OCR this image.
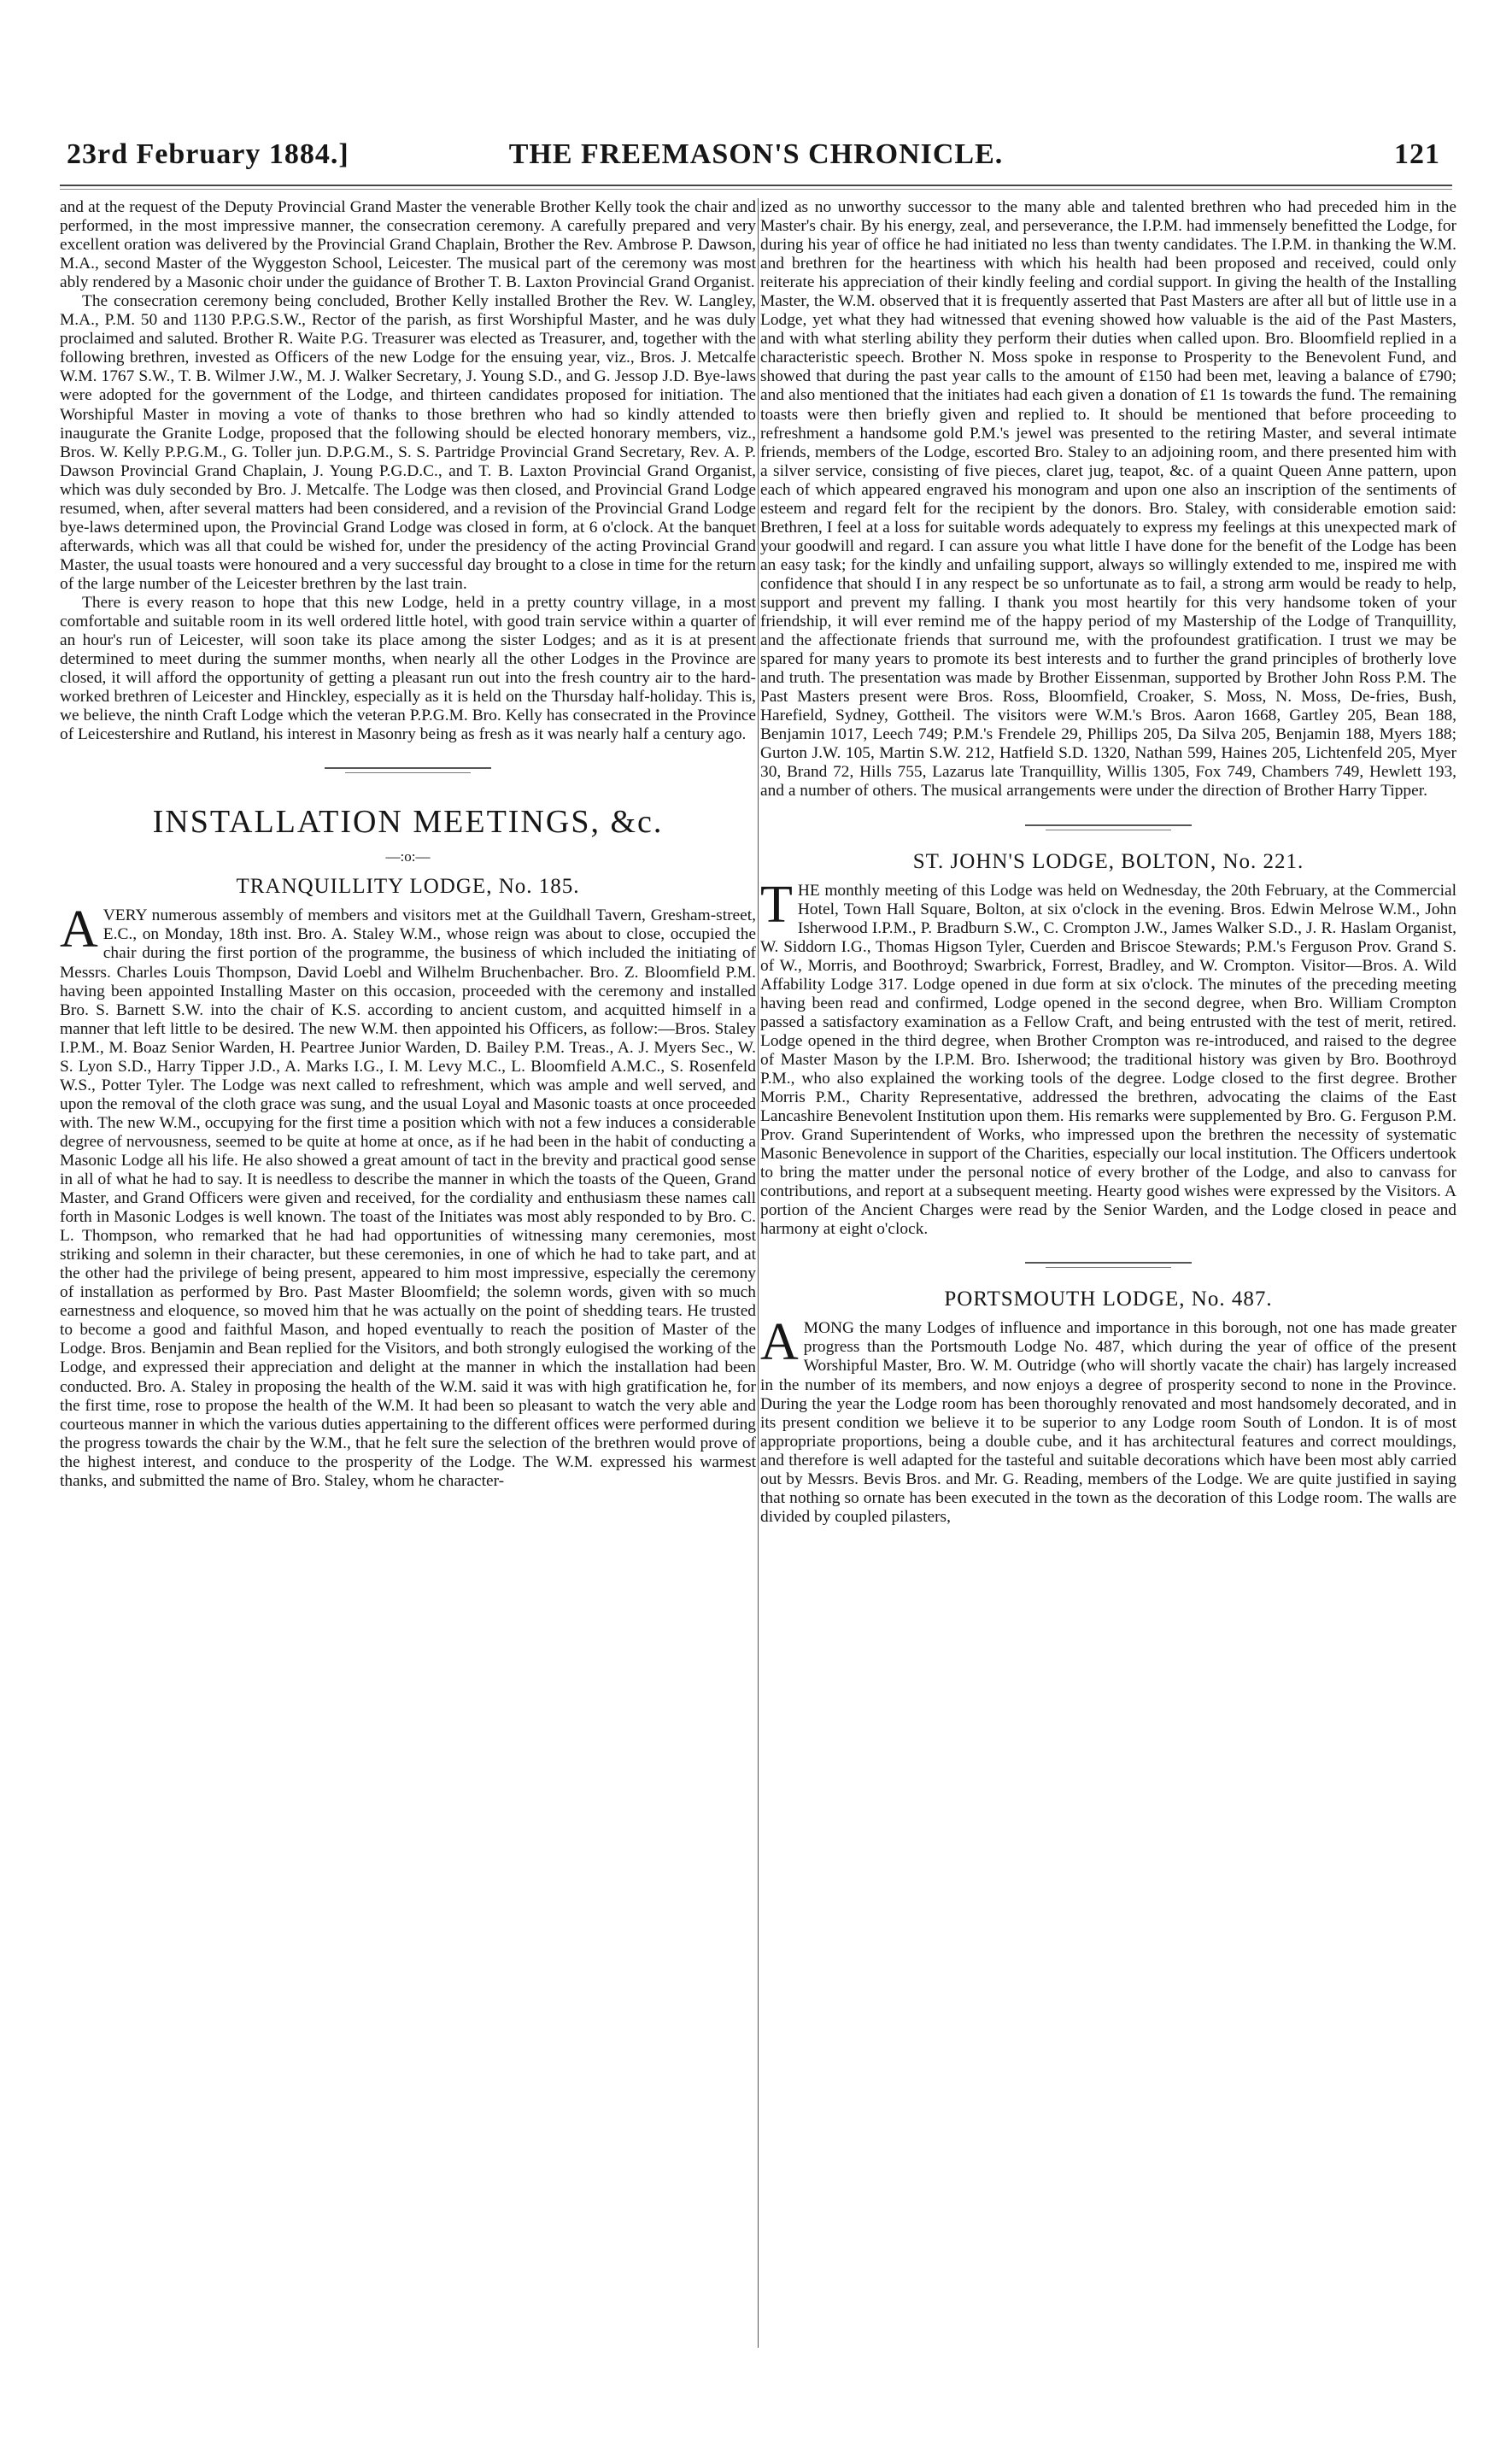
23rd February 1884.]	THE FREEMASON'S CHRONICLE.	121

and at the request of the Deputy Provincial Grand Master the venerable Brother Kelly took the chair and performed, in the most impressive manner, the consecration ceremony. A carefully prepared and very excellent oration was delivered by the Provincial Grand Chaplain, Brother the Rev. Ambrose P. Dawson, M.A., second Master of the Wyggeston School, Leicester. The musical part of the ceremony was most ably rendered by a Masonic choir under the guidance of Brother T. B. Laxton Provincial Grand Organist.

The consecration ceremony being concluded, Brother Kelly installed Brother the Rev. W. Langley, M.A., P.M. 50 and 1130 P.P.G.S.W., Rector of the parish, as first Worshipful Master, and he was duly proclaimed and saluted. Brother R. Waite P.G. Treasurer was elected as Treasurer, and, together with the following brethren, invested as Officers of the new Lodge for the ensuing year, viz., Bros. J. Metcalfe W.M. 1767 S.W., T. B. Wilmer J.W., M. J. Walker Secretary, J. Young S.D., and G. Jessop J.D. Bye-laws were adopted for the government of the Lodge, and thirteen candidates proposed for initiation. The Worshipful Master in moving a vote of thanks to those brethren who had so kindly attended to inaugurate the Granite Lodge, proposed that the following should be elected honorary members, viz., Bros. W. Kelly P.P.G.M., G. Toller jun. D.P.G.M., S. S. Partridge Provincial Grand Secretary, Rev. A. P. Dawson Provincial Grand Chaplain, J. Young P.G.D.C., and T. B. Laxton Provincial Grand Organist, which was duly seconded by Bro. J. Metcalfe. The Lodge was then closed, and Provincial Grand Lodge resumed, when, after several matters had been considered, and a revision of the Provincial Grand Lodge bye-laws determined upon, the Provincial Grand Lodge was closed in form, at 6 o'clock. At the banquet afterwards, which was all that could be wished for, under the presidency of the acting Provincial Grand Master, the usual toasts were honoured and a very successful day brought to a close in time for the return of the large number of the Leicester brethren by the last train.

There is every reason to hope that this new Lodge, held in a pretty country village, in a most comfortable and suitable room in its well ordered little hotel, with good train service within a quarter of an hour's run of Leicester, will soon take its place among the sister Lodges; and as it is at present determined to meet during the summer months, when nearly all the other Lodges in the Province are closed, it will afford the opportunity of getting a pleasant run out into the fresh country air to the hard-worked brethren of Leicester and Hinckley, especially as it is held on the Thursday half-holiday. This is, we believe, the ninth Craft Lodge which the veteran P.P.G.M. Bro. Kelly has consecrated in the Province of Leicestershire and Rutland, his interest in Masonry being as fresh as it was nearly half a century ago.

INSTALLATION MEETINGS, &c.
—:o:—
TRANQUILLITY LODGE, No. 185.

AVERY numerous assembly of members and visitors met at the Guildhall Tavern, Gresham-street, E.C., on Monday, 18th inst. Bro. A. Staley W.M., whose reign was about to close, occupied the chair during the first portion of the programme, the business of which included the initiating of Messrs. Charles Louis Thompson, David Loebl and Wilhelm Bruchenbacher. Bro. Z. Bloomfield P.M. having been appointed Installing Master on this occasion, proceeded with the ceremony and installed Bro. S. Barnett S.W. into the chair of K.S. according to ancient custom, and acquitted himself in a manner that left little to be desired. The new W.M. then appointed his Officers, as follow:—Bros. Staley I.P.M., M. Boaz Senior Warden, H. Peartree Junior Warden, D. Bailey P.M. Treas., A. J. Myers Sec., W. S. Lyon S.D., Harry Tipper J.D., A. Marks I.G., I. M. Levy M.C., L. Bloomfield A.M.C., S. Rosenfeld W.S., Potter Tyler. The Lodge was next called to refreshment, which was ample and well served, and upon the removal of the cloth grace was sung, and the usual Loyal and Masonic toasts at once proceeded with. The new W.M., occupying for the first time a position which with not a few induces a considerable degree of nervousness, seemed to be quite at home at once, as if he had been in the habit of conducting a Masonic Lodge all his life. He also showed a great amount of tact in the brevity and practical good sense in all of what he had to say. It is needless to describe the manner in which the toasts of the Queen, Grand Master, and Grand Officers were given and received, for the cordiality and enthusiasm these names call forth in Masonic Lodges is well known. The toast of the Initiates was most ably responded to by Bro. C. L. Thompson, who remarked that he had had opportunities of witnessing many ceremonies, most striking and solemn in their character, but these ceremonies, in one of which he had to take part, and at the other had the privilege of being present, appeared to him most impressive, especially the ceremony of installation as performed by Bro. Past Master Bloomfield; the solemn words, given with so much earnestness and eloquence, so moved him that he was actually on the point of shedding tears. He trusted to become a good and faithful Mason, and hoped eventually to reach the position of Master of the Lodge. Bros. Benjamin and Bean replied for the Visitors, and both strongly eulogised the working of the Lodge, and expressed their appreciation and delight at the manner in which the installation had been conducted. Bro. A. Staley in proposing the health of the W.M. said it was with high gratification he, for the first time, rose to propose the health of the W.M. It had been so pleasant to watch the very able and courteous manner in which the various duties appertaining to the different offices were performed during the progress towards the chair by the W.M., that he felt sure the selection of the brethren would prove of the highest interest, and conduce to the prosperity of the Lodge. The W.M. expressed his warmest thanks, and submitted the name of Bro. Staley, whom he character-

ized as no unworthy successor to the many able and talented brethren who had preceded him in the Master's chair. By his energy, zeal, and perseverance, the I.P.M. had immensely benefitted the Lodge, for during his year of office he had initiated no less than twenty candidates. The I.P.M. in thanking the W.M. and brethren for the heartiness with which his health had been proposed and received, could only reiterate his appreciation of their kindly feeling and cordial support. In giving the health of the Installing Master, the W.M. observed that it is frequently asserted that Past Masters are after all but of little use in a Lodge, yet what they had witnessed that evening showed how valuable is the aid of the Past Masters, and with what sterling ability they perform their duties when called upon. Bro. Bloomfield replied in a characteristic speech. Brother N. Moss spoke in response to Prosperity to the Benevolent Fund, and showed that during the past year calls to the amount of £150 had been met, leaving a balance of £790; and also mentioned that the initiates had each given a donation of £1 1s towards the fund. The remaining toasts were then briefly given and replied to. It should be mentioned that before proceeding to refreshment a handsome gold P.M.'s jewel was presented to the retiring Master, and several intimate friends, members of the Lodge, escorted Bro. Staley to an adjoining room, and there presented him with a silver service, consisting of five pieces, claret jug, teapot, &c. of a quaint Queen Anne pattern, upon each of which appeared engraved his monogram and upon one also an inscription of the sentiments of esteem and regard felt for the recipient by the donors. Bro. Staley, with considerable emotion said: Brethren, I feel at a loss for suitable words adequately to express my feelings at this unexpected mark of your goodwill and regard. I can assure you what little I have done for the benefit of the Lodge has been an easy task; for the kindly and unfailing support, always so willingly extended to me, inspired me with confidence that should I in any respect be so unfortunate as to fail, a strong arm would be ready to help, support and prevent my falling. I thank you most heartily for this very handsome token of your friendship, it will ever remind me of the happy period of my Mastership of the Lodge of Tranquillity, and the affectionate friends that surround me, with the profoundest gratification. I trust we may be spared for many years to promote its best interests and to further the grand principles of brotherly love and truth. The presentation was made by Brother Eissenman, supported by Brother John Ross P.M. The Past Masters present were Bros. Ross, Bloomfield, Croaker, S. Moss, N. Moss, De-fries, Bush, Harefield, Sydney, Gottheil. The visitors were W.M.'s Bros. Aaron 1668, Gartley 205, Bean 188, Benjamin 1017, Leech 749; P.M.'s Frendele 29, Phillips 205, Da Silva 205, Benjamin 188, Myers 188; Gurton J.W. 105, Martin S.W. 212, Hatfield S.D. 1320, Nathan 599, Haines 205, Lichtenfeld 205, Myer 30, Brand 72, Hills 755, Lazarus late Tranquillity, Willis 1305, Fox 749, Chambers 749, Hewlett 193, and a number of others. The musical arrangements were under the direction of Brother Harry Tipper.

ST. JOHN'S LODGE, BOLTON, No. 221.

THE monthly meeting of this Lodge was held on Wednesday, the 20th February, at the Commercial Hotel, Town Hall Square, Bolton, at six o'clock in the evening. Bros. Edwin Melrose W.M., John Isherwood I.P.M., P. Bradburn S.W., C. Crompton J.W., James Walker S.D., J. R. Haslam Organist, W. Siddorn I.G., Thomas Higson Tyler, Cuerden and Briscoe Stewards; P.M.'s Ferguson Prov. Grand S. of W., Morris, and Boothroyd; Swarbrick, Forrest, Bradley, and W. Crompton. Visitor—Bros. A. Wild Affability Lodge 317. Lodge opened in due form at six o'clock. The minutes of the preceding meeting having been read and confirmed, Lodge opened in the second degree, when Bro. William Crompton passed a satisfactory examination as a Fellow Craft, and being entrusted with the test of merit, retired. Lodge opened in the third degree, when Brother Crompton was re-introduced, and raised to the degree of Master Mason by the I.P.M. Bro. Isherwood; the traditional history was given by Bro. Boothroyd P.M., who also explained the working tools of the degree. Lodge closed to the first degree. Brother Morris P.M., Charity Representative, addressed the brethren, advocating the claims of the East Lancashire Benevolent Institution upon them. His remarks were supplemented by Bro. G. Ferguson P.M. Prov. Grand Superintendent of Works, who impressed upon the brethren the necessity of systematic Masonic Benevolence in support of the Charities, especially our local institution. The Officers undertook to bring the matter under the personal notice of every brother of the Lodge, and also to canvass for contributions, and report at a subsequent meeting. Hearty good wishes were expressed by the Visitors. A portion of the Ancient Charges were read by the Senior Warden, and the Lodge closed in peace and harmony at eight o'clock.

PORTSMOUTH LODGE, No. 487.

AMONG the many Lodges of influence and importance in this borough, not one has made greater progress than the Portsmouth Lodge No. 487, which during the year of office of the present Worshipful Master, Bro. W. M. Outridge (who will shortly vacate the chair) has largely increased in the number of its members, and now enjoys a degree of prosperity second to none in the Province. During the year the Lodge room has been thoroughly renovated and most handsomely decorated, and in its present condition we believe it to be superior to any Lodge room South of London. It is of most appropriate proportions, being a double cube, and it has architectural features and correct mouldings, and therefore is well adapted for the tasteful and suitable decorations which have been most ably carried out by Messrs. Bevis Bros. and Mr. G. Reading, members of the Lodge. We are quite justified in saying that nothing so ornate has been executed in the town as the decoration of this Lodge room. The walls are divided by coupled pilasters,
